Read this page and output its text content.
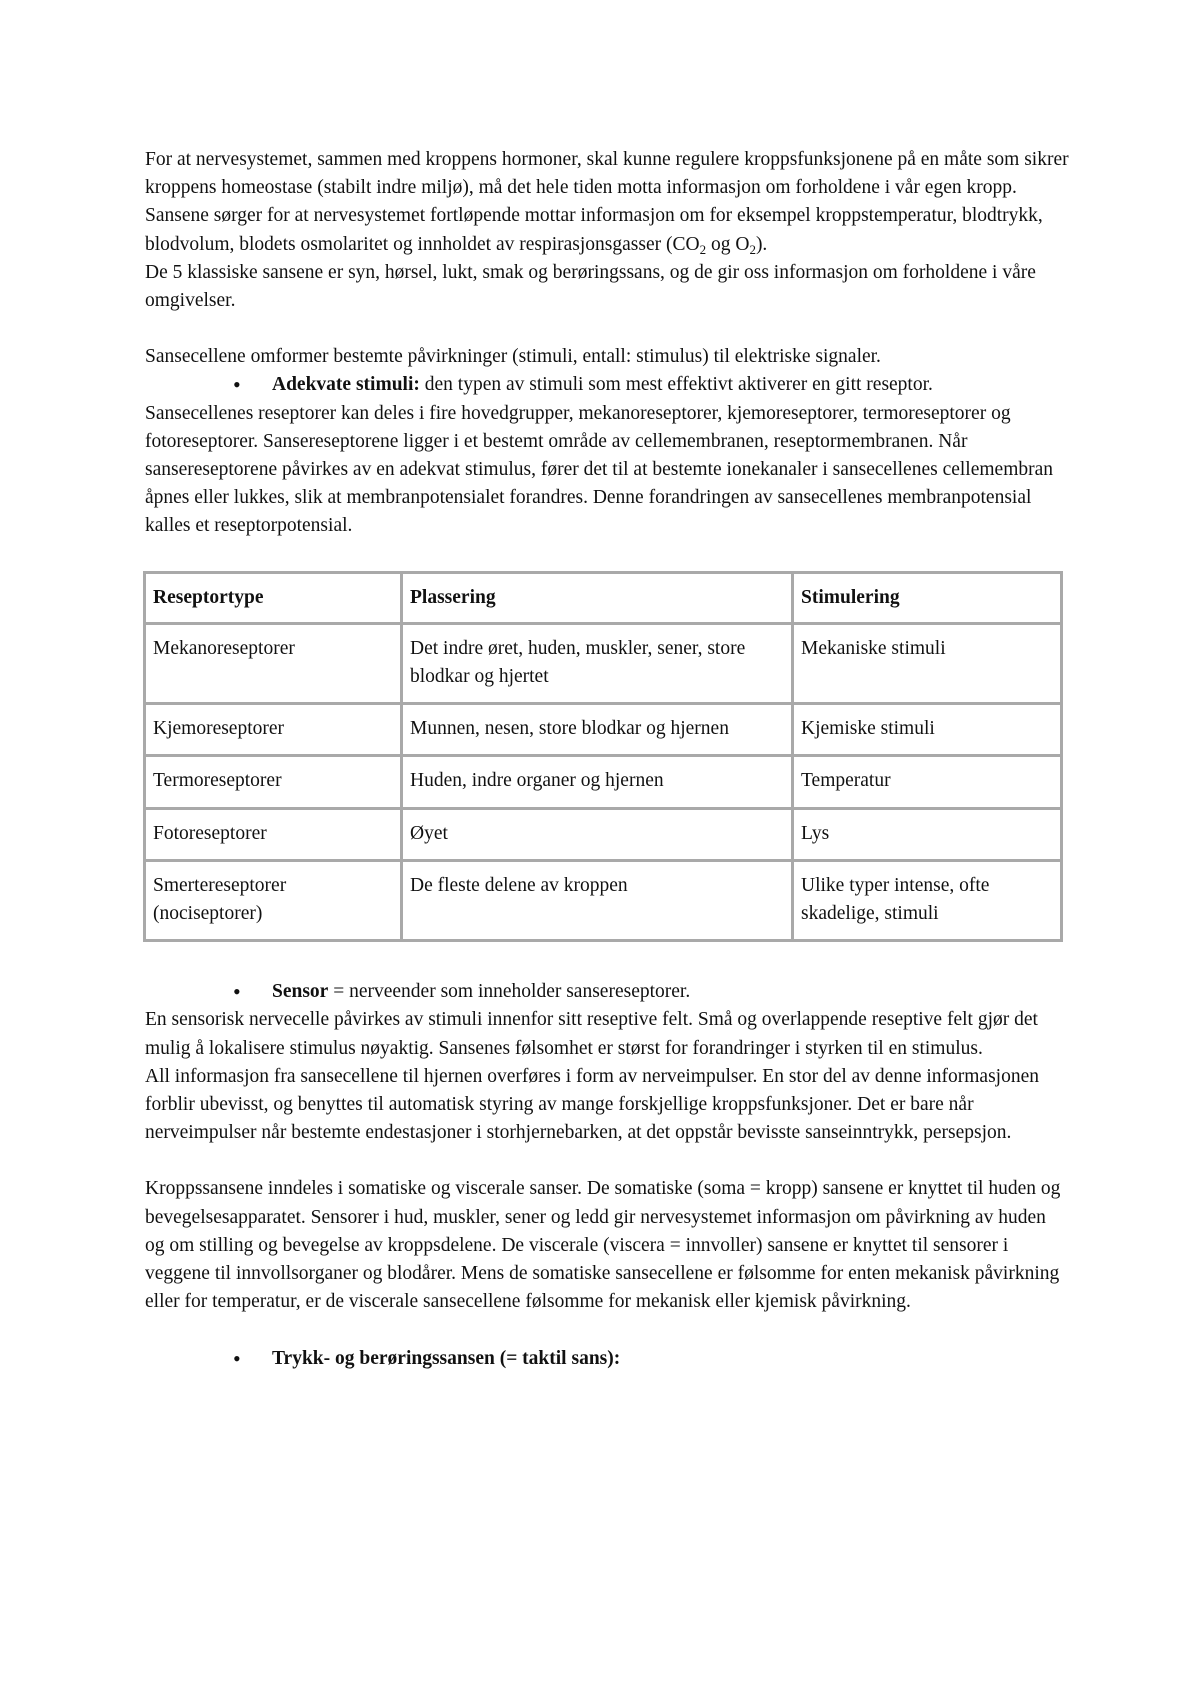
For at nervesystemet, sammen med kroppens hormoner, skal kunne regulere kroppsfunksjonene på en måte som sikrer kroppens homeostase (stabilt indre miljø), må det hele tiden motta informasjon om forholdene i vår egen kropp. Sansene sørger for at nervesystemet fortløpende mottar informasjon om for eksempel kroppstemperatur, blodtrykk, blodvolum, blodets osmolaritet og innholdet av respirasjonsgasser ($CO_2$ og $O_2$).

De 5 klassiske sansene er syn, hørsel, lukt, smak og berøringssans, og de gir oss informasjon om forholdene i våre omgivelser.

Sansecellene omformer bestemte påvirkninger (stimuli, entall: stimulus) til elektriske signaler.

• Adekvate stimuli: den typen av stimuli som mest effektivt aktiverer en gitt reseptor.

Sansecellenes reseptorer kan deles i fire hovedgrupper, mekanoreseptorer, kjemoreseptorer, termoreseptorer og fotoreseptorer. Sansereseptorene ligger i et bestemt område av cellemembranen, reseptormembranen. Når sansereseptorene påvirkes av en adekvat stimulus, fører det til at bestemte ionekanaler i sansecellenes cellemembran åpnes eller lukkes, slik at membranpotensialet forandres. Denne forandringen av sansecellenes membranpotensial kalles et reseptorpotensial.

Reseptortype	Plassering	Stimulering
Mekanoreseptorer	Det indre øret, huden, muskler, sener, store blodkar og hjertet	Mekaniske stimuli
Kjemoreseptorer	Munnen, nesen, store blodkar og hjernen	Kjemiske stimuli
Termoreseptorer	Huden, indre organer og hjernen	Temperatur
Fotoreseptorer	Øyet	Lys
Smertereseptorer (nociseptorer)	De fleste delene av kroppen	Ulike typer intense, ofte skadelige, stimuli
• Sensor = nerveender som inneholder sansereseptorer.

En sensorisk nervecelle påvirkes av stimuli innenfor sitt reseptive felt. Små og overlappende reseptive felt gjør det mulig å lokalisere stimulus nøyaktig. Sansenes følsomhet er størst for forandringer i styrken til en stimulus.

All informasjon fra sansecellene til hjernen overføres i form av nerveimpulser. En stor del av denne informasjonen forblir ubevisst, og benyttes til automatisk styring av mange forskjellige kroppsfunksjoner. Det er bare når nerveimpulser når bestemte endestasjoner i storhjernebarken, at det oppstår bevisste sanseinntrykk, persepsjon.

Kroppssansene inndeles i somatiske og viscerale sanser. De somatiske (soma = kropp) sansene er knyttet til huden og bevegelsesapparatet. Sensorer i hud, muskler, sener og ledd gir nervesystemet informasjon om påvirkning av huden og om stilling og bevegelse av kroppsdelene. De viscerale (viscera = innvoller) sansene er knyttet til sensorer i veggene til innvollsorganer og blodårer. Mens de somatiske sansecellene er følsomme for enten mekanisk påvirkning eller for temperatur, er de viscerale sansecellene følsomme for mekanisk eller kjemisk påvirkning.

• Trykk- og berøringssansen (= taktil sans):
